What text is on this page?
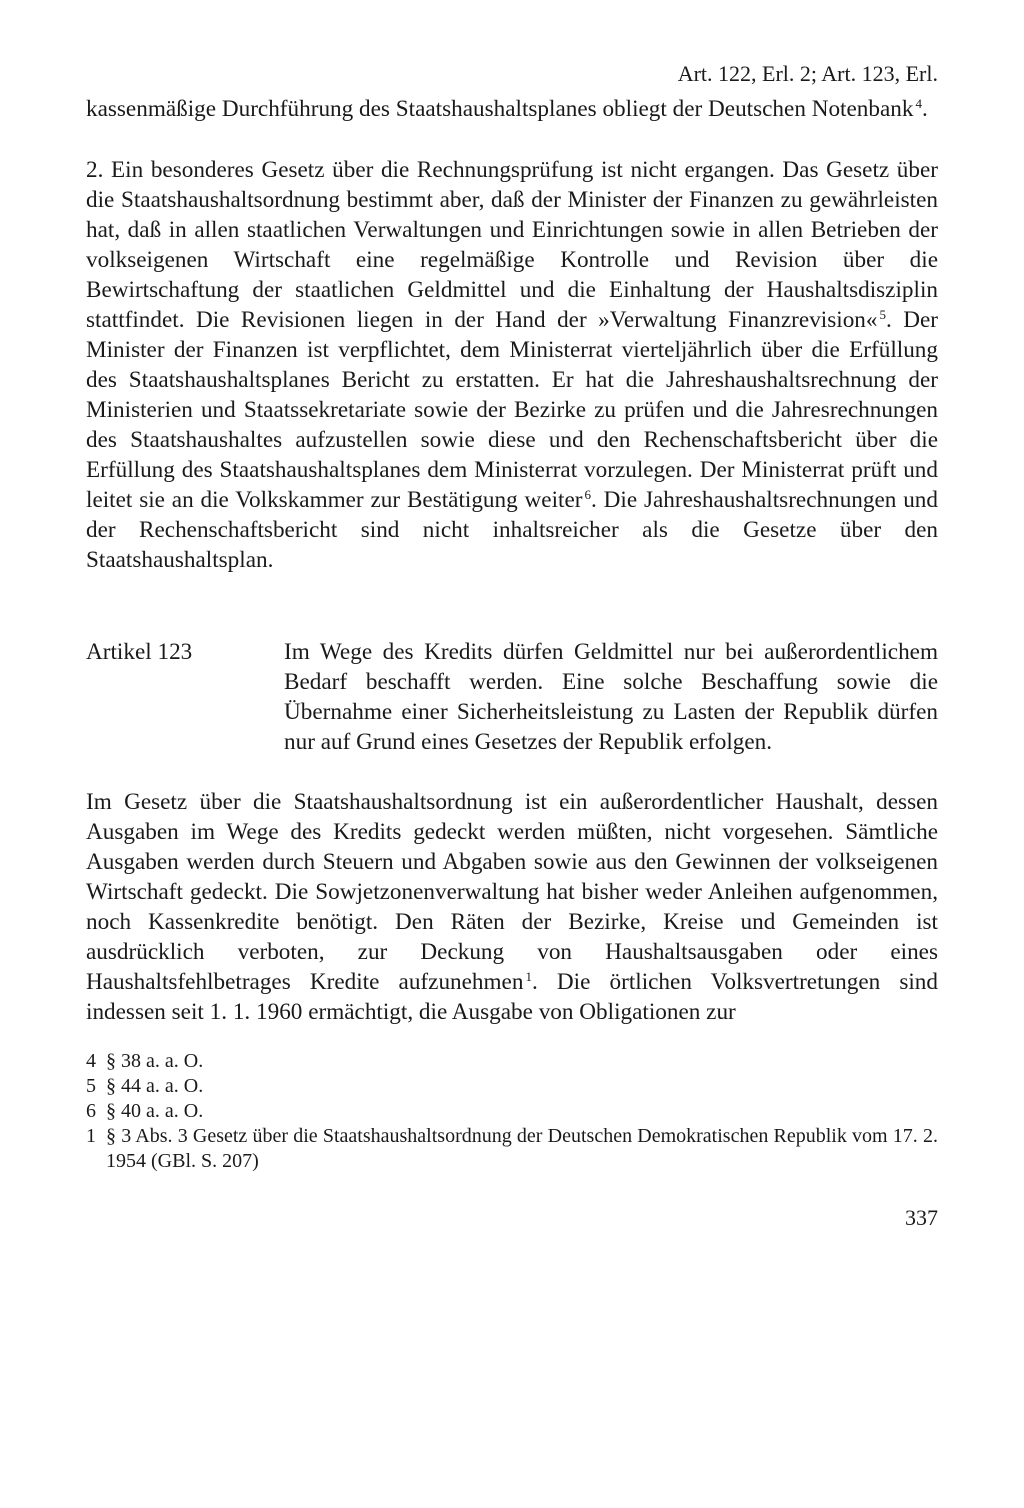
Art. 122, Erl. 2; Art. 123, Erl.

kassenmäßige Durchführung des Staatshaushaltsplanes obliegt der Deutschen Notenbank $^4$.

2. Ein besonderes Gesetz über die Rechnungsprüfung ist nicht ergangen. Das Gesetz über die Staatshaushaltsordnung bestimmt aber, daß der Minister der Finanzen zu gewährleisten hat, daß in allen staatlichen Verwaltungen und Einrichtungen sowie in allen Betrieben der volkseigenen Wirtschaft eine regelmäßige Kontrolle und Revision über die Bewirtschaftung der staatlichen Geldmittel und die Einhaltung der Haushaltsdisziplin stattfindet. Die Revisionen liegen in der Hand der »Verwaltung Finanzrevision« $^5$. Der Minister der Finanzen ist verpflichtet, dem Ministerrat vierteljährlich über die Erfüllung des Staatshaushaltsplanes Bericht zu erstatten. Er hat die Jahreshaushaltsrechnung der Ministerien und Staatssekretariate sowie der Bezirke zu prüfen und die Jahresrechnungen des Staatshaushaltes aufzustellen sowie diese und den Rechenschaftsbericht über die Erfüllung des Staatshaushaltsplanes dem Ministerrat vorzulegen. Der Ministerrat prüft und leitet sie an die Volkskammer zur Bestätigung weiter $^6$. Die Jahreshaushaltsrechnungen und der Rechenschaftsbericht sind nicht inhaltsreicher als die Gesetze über den Staatshaushaltsplan.

Artikel 123	Im Wege des Kredits dürfen Geldmittel nur bei außerordentlichem Bedarf beschafft werden. Eine solche Beschaffung sowie die Übernahme einer Sicherheitsleistung zu Lasten der Republik dürfen nur auf Grund eines Gesetzes der Republik erfolgen.

Im Gesetz über die Staatshaushaltsordnung ist ein außerordentlicher Haushalt, dessen Ausgaben im Wege des Kredits gedeckt werden müßten, nicht vorgesehen. Sämtliche Ausgaben werden durch Steuern und Abgaben sowie aus den Gewinnen der volkseigenen Wirtschaft gedeckt. Die Sowjetzonenverwaltung hat bisher weder Anleihen aufgenommen, noch Kassenkredite benötigt. Den Räten der Bezirke, Kreise und Gemeinden ist ausdrücklich verboten, zur Deckung von Haushaltsausgaben oder eines Haushaltsfehlbetrages Kredite aufzunehmen $^1$. Die örtlichen Volksvertretungen sind indessen seit 1. 1. 1960 ermächtigt, die Ausgabe von Obligationen zur

4 § 38 a. a. O.
5 § 44 a. a. O.
6 § 40 a. a. O.
1 § 3 Abs. 3 Gesetz über die Staatshaushaltsordnung der Deutschen Demokratischen Republik vom 17. 2. 1954 (GBl. S. 207)
337
